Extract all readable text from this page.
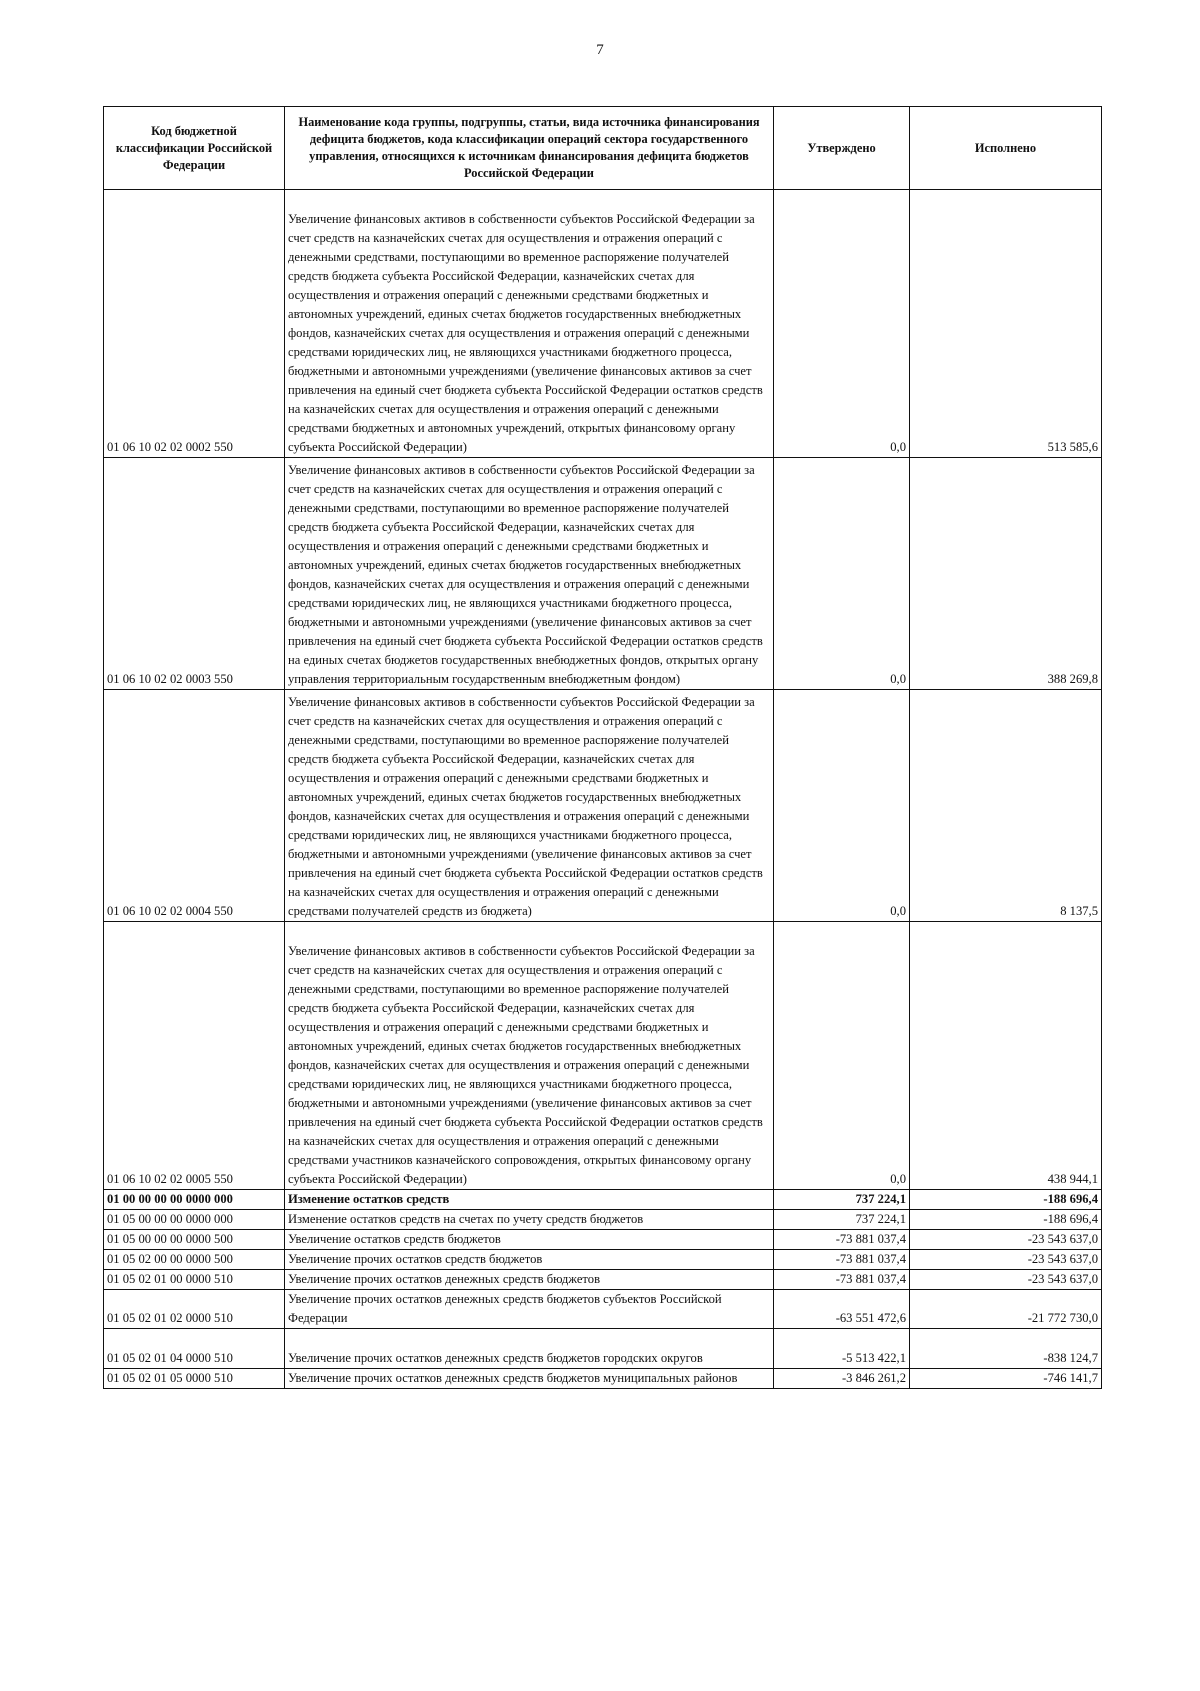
7
Код бюджетной классификации Российской Федерации	Наименование кода группы, подгруппы, статьи, вида источника финансирования дефицита бюджетов, кода классификации операций сектора государственного управления, относящихся к источникам финансирования дефицита бюджетов Российской Федерации	Утверждено	Исполнено
01 06 10 02 02 0002 550	Увеличение финансовых активов в собственности субъектов Российской Федерации за счет средств на казначейских счетах для осуществления и отражения операций с денежными средствами, поступающими во временное распоряжение получателей средств бюджета субъекта Российской Федерации, казначейских счетах для осуществления и отражения операций с денежными средствами бюджетных и автономных учреждений, единых счетах бюджетов государственных внебюджетных фондов, казначейских счетах для осуществления и отражения операций с денежными средствами юридических лиц, не являющихся участниками бюджетного процесса, бюджетными и автономными учреждениями (увеличение финансовых активов за счет привлечения на единый счет бюджета субъекта Российской Федерации остатков средств на казначейских счетах для осуществления и отражения операций с денежными средствами бюджетных и автономных учреждений, открытых финансовому органу субъекта Российской Федерации)	0,0	513 585,6
01 06 10 02 02 0003 550	Увеличение финансовых активов в собственности субъектов Российской Федерации за счет средств на казначейских счетах для осуществления и отражения операций с денежными средствами, поступающими во временное распоряжение получателей средств бюджета субъекта Российской Федерации, казначейских счетах для осуществления и отражения операций с денежными средствами бюджетных и автономных учреждений, единых счетах бюджетов государственных внебюджетных фондов, казначейских счетах для осуществления и отражения операций с денежными средствами юридических лиц, не являющихся участниками бюджетного процесса, бюджетными и автономными учреждениями (увеличение финансовых активов за счет привлечения на единый счет бюджета субъекта Российской Федерации остатков средств на единых счетах бюджетов государственных внебюджетных фондов, открытых органу управления территориальным государственным внебюджетным фондом)	0,0	388 269,8
01 06 10 02 02 0004 550	Увеличение финансовых активов в собственности субъектов Российской Федерации за счет средств на казначейских счетах для осуществления и отражения операций с денежными средствами, поступающими во временное распоряжение получателей средств бюджета субъекта Российской Федерации, казначейских счетах для осуществления и отражения операций с денежными средствами бюджетных и автономных учреждений, единых счетах бюджетов государственных внебюджетных фондов, казначейских счетах для осуществления и отражения операций с денежными средствами юридических лиц, не являющихся участниками бюджетного процесса, бюджетными и автономными учреждениями (увеличение финансовых активов за счет привлечения на единый счет бюджета субъекта Российской Федерации остатков средств на казначейских счетах для осуществления и отражения операций с денежными средствами получателей средств из бюджета)	0,0	8 137,5
01 06 10 02 02 0005 550	Увеличение финансовых активов в собственности субъектов Российской Федерации за счет средств на казначейских счетах для осуществления и отражения операций с денежными средствами, поступающими во временное распоряжение получателей средств бюджета субъекта Российской Федерации, казначейских счетах для осуществления и отражения операций с денежными средствами бюджетных и автономных учреждений, единых счетах бюджетов государственных внебюджетных фондов, казначейских счетах для осуществления и отражения операций с денежными средствами юридических лиц, не являющихся участниками бюджетного процесса, бюджетными и автономными учреждениями (увеличение финансовых активов за счет привлечения на единый счет бюджета субъекта Российской Федерации остатков средств на казначейских счетах для осуществления и отражения операций с денежными средствами участников казначейского сопровождения, открытых финансовому органу субъекта Российской Федерации)	0,0	438 944,1
01 00 00 00 00 0000 000	Изменение остатков средств	737 224,1	-188 696,4
01 05 00 00 00 0000 000	Изменение остатков средств на счетах по учету средств бюджетов	737 224,1	-188 696,4
01 05 00 00 00 0000 500	Увеличение остатков средств бюджетов	-73 881 037,4	-23 543 637,0
01 05 02 00 00 0000 500	Увеличение прочих остатков средств бюджетов	-73 881 037,4	-23 543 637,0
01 05 02 01 00 0000 510	Увеличение прочих остатков денежных средств бюджетов	-73 881 037,4	-23 543 637,0
01 05 02 01 02 0000 510	Увеличение прочих остатков денежных средств бюджетов субъектов Российской Федерации	-63 551 472,6	-21 772 730,0
01 05 02 01 04 0000 510	Увеличение прочих остатков денежных средств бюджетов городских округов	-5 513 422,1	-838 124,7
01 05 02 01 05 0000 510	Увеличение прочих остатков денежных средств бюджетов муниципальных районов	-3 846 261,2	-746 141,7
